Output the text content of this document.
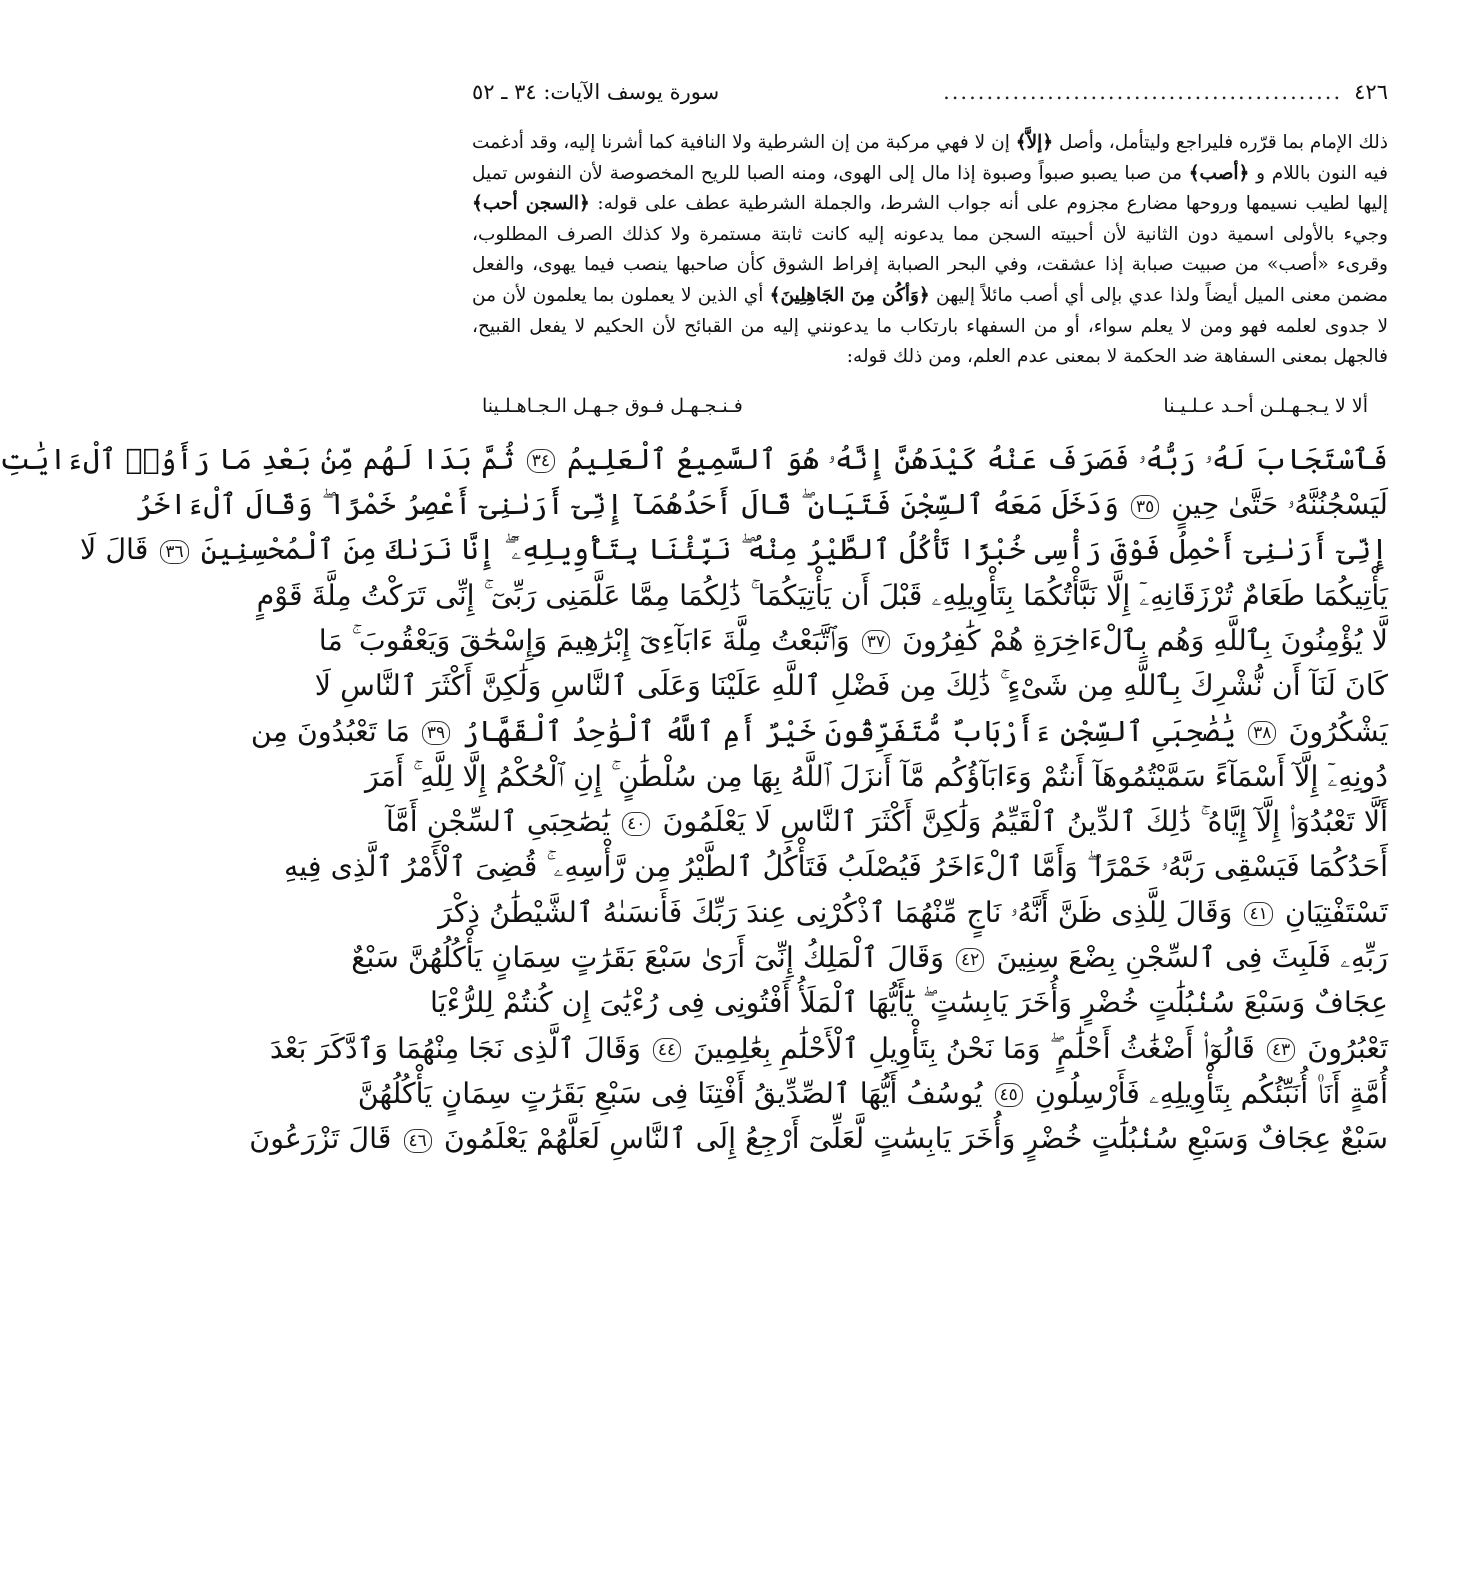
٤٢٦
..............................................
سورة يوسف الآيات: ٣٤ ـ ٥٢
ذلك الإمام بما قرّره فليراجع وليتأمل، وأصل ﴿إلاَّ﴾ إن لا فهي مركبة من إن الشرطية ولا النافية كما أشرنا إليه، وقد أدغمت فيه النون باللام و ﴿أصب﴾ من صبا يصبو صبواً وصبوة إذا مال إلى الهوى، ومنه الصبا للريح المخصوصة لأن النفوس تميل إليها لطيب نسيمها وروحها مضارع مجزوم على أنه جواب الشرط، والجملة الشرطية عطف على قوله: ﴿السجن أحب﴾ وجيء بالأولى اسمية دون الثانية لأن أحبيته السجن مما يدعونه إليه كانت ثابتة مستمرة ولا كذلك الصرف المطلوب، وقرىء «أصب» من صبيت صبابة إذا عشقت، وفي البحر الصبابة إفراط الشوق كأن صاحبها ينصب فيما يهوى، والفعل مضمن معنى الميل أيضاً ولذا عدي بإلى أي أصب مائلاً إليهن ﴿وَأكُن مِنَ الجَاهِلِينَ﴾ أي الذين لا يعملون بما يعلمون لأن من لا جدوى لعلمه فهو ومن لا يعلم سواء، أو من السفهاء بارتكاب ما يدعونني إليه من القبائح لأن الحكيم لا يفعل القبيح، فالجهل بمعنى السفاهة ضد الحكمة لا بمعنى عدم العلم، ومن ذلك قوله:
ألا لا يـجـهـلـن أحـد عـلـيـنا
فـنـجـهـل فـوق جـهـل الـجـاهـلـينا
فَٱسْتَجَابَ لَهُۥ رَبُّهُۥ فَصَرَفَ عَنْهُ كَيْدَهُنَّ إِنَّهُۥ هُوَ ٱلسَّمِيعُ ٱلْعَلِيمُ ٣٤ ثُمَّ بَدَا لَهُم مِّنۢ بَعْدِ مَا رَأَوُا۟ ٱلْءَايَٰتِ
لَيَسْجُنُنَّهُۥ حَتَّىٰ حِينٍ ٣٥ وَدَخَلَ مَعَهُ ٱلسِّجْنَ فَتَيَانِ ۖ قَالَ أَحَدُهُمَآ إِنِّىٓ أَرَىٰنِىٓ أَعْصِرُ خَمْرًا ۖ وَقَالَ ٱلْءَاخَرُ
إِنِّىٓ أَرَىٰنِىٓ أَحْمِلُ فَوْقَ رَأْسِى خُبْزًا تَأْكُلُ ٱلطَّيْرُ مِنْهُ ۖ نَبِّئْنَا بِتَأْوِيلِهِۦٓ ۖ إِنَّا نَرَىٰكَ مِنَ ٱلْمُحْسِنِينَ ٣٦ قَالَ لَا
يَأْتِيكُمَا طَعَامٌ تُرْزَقَانِهِۦٓ إِلَّا نَبَّأْتُكُمَا بِتَأْوِيلِهِۦ قَبْلَ أَن يَأْتِيَكُمَا ۚ ذَٰلِكُمَا مِمَّا عَلَّمَنِى رَبِّىٓ ۚ إِنِّى تَرَكْتُ مِلَّةَ قَوْمٍ
لَّا يُؤْمِنُونَ بِٱللَّهِ وَهُم بِٱلْءَاخِرَةِ هُمْ كَٰفِرُونَ ٣٧ وَٱتَّبَعْتُ مِلَّةَ ءَابَآءِىٓ إِبْرَٰهِيمَ وَإِسْحَٰقَ وَيَعْقُوبَ ۚ مَا
كَانَ لَنَآ أَن نُّشْرِكَ بِٱللَّهِ مِن شَىْءٍ ۚ ذَٰلِكَ مِن فَضْلِ ٱللَّهِ عَلَيْنَا وَعَلَى ٱلنَّاسِ وَلَٰكِنَّ أَكْثَرَ ٱلنَّاسِ لَا
يَشْكُرُونَ ٣٨ يَٰصَٰحِبَىِ ٱلسِّجْنِ ءَأَرْبَابٌ مُّتَفَرِّقُونَ خَيْرٌ أَمِ ٱللَّهُ ٱلْوَٰحِدُ ٱلْقَهَّارُ ٣٩ مَا تَعْبُدُونَ مِن
دُونِهِۦٓ إِلَّآ أَسْمَآءً سَمَّيْتُمُوهَآ أَنتُمْ وَءَابَآؤُكُم مَّآ أَنزَلَ ٱللَّهُ بِهَا مِن سُلْطَٰنٍ ۚ إِنِ ٱلْحُكْمُ إِلَّا لِلَّهِ ۚ أَمَرَ
أَلَّا تَعْبُدُوٓا۟ إِلَّآ إِيَّاهُ ۚ ذَٰلِكَ ٱلدِّينُ ٱلْقَيِّمُ وَلَٰكِنَّ أَكْثَرَ ٱلنَّاسِ لَا يَعْلَمُونَ ٤٠ يَٰصَٰحِبَىِ ٱلسِّجْنِ أَمَّآ
أَحَدُكُمَا فَيَسْقِى رَبَّهُۥ خَمْرًا ۖ وَأَمَّا ٱلْءَاخَرُ فَيُصْلَبُ فَتَأْكُلُ ٱلطَّيْرُ مِن رَّأْسِهِۦ ۚ قُضِىَ ٱلْأَمْرُ ٱلَّذِى فِيهِ
تَسْتَفْتِيَانِ ٤١ وَقَالَ لِلَّذِى ظَنَّ أَنَّهُۥ نَاجٍ مِّنْهُمَا ٱذْكُرْنِى عِندَ رَبِّكَ فَأَنسَىٰهُ ٱلشَّيْطَٰنُ ذِكْرَ
رَبِّهِۦ فَلَبِثَ فِى ٱلسِّجْنِ بِضْعَ سِنِينَ ٤٢ وَقَالَ ٱلْمَلِكُ إِنِّىٓ أَرَىٰ سَبْعَ بَقَرَٰتٍ سِمَانٍ يَأْكُلُهُنَّ سَبْعٌ
عِجَافٌ وَسَبْعَ سُنۢبُلَٰتٍ خُضْرٍ وَأُخَرَ يَابِسَٰتٍ ۖ يَٰٓأَيُّهَا ٱلْمَلَأُ أَفْتُونِى فِى رُءْيَٰىَ إِن كُنتُمْ لِلرُّءْيَا
تَعْبُرُونَ ٤٣ قَالُوٓا۟ أَضْغَٰثُ أَحْلَٰمٍ ۖ وَمَا نَحْنُ بِتَأْوِيلِ ٱلْأَحْلَٰمِ بِعَٰلِمِينَ ٤٤ وَقَالَ ٱلَّذِى نَجَا مِنْهُمَا وَٱدَّكَرَ بَعْدَ
أُمَّةٍ أَنَا۠ أُنَبِّئُكُم بِتَأْوِيلِهِۦ فَأَرْسِلُونِ ٤٥ يُوسُفُ أَيُّهَا ٱلصِّدِّيقُ أَفْتِنَا فِى سَبْعِ بَقَرَٰتٍ سِمَانٍ يَأْكُلُهُنَّ
سَبْعٌ عِجَافٌ وَسَبْعِ سُنۢبُلَٰتٍ خُضْرٍ وَأُخَرَ يَابِسَٰتٍ لَّعَلِّىٓ أَرْجِعُ إِلَى ٱلنَّاسِ لَعَلَّهُمْ يَعْلَمُونَ ٤٦ قَالَ تَزْرَعُونَ
